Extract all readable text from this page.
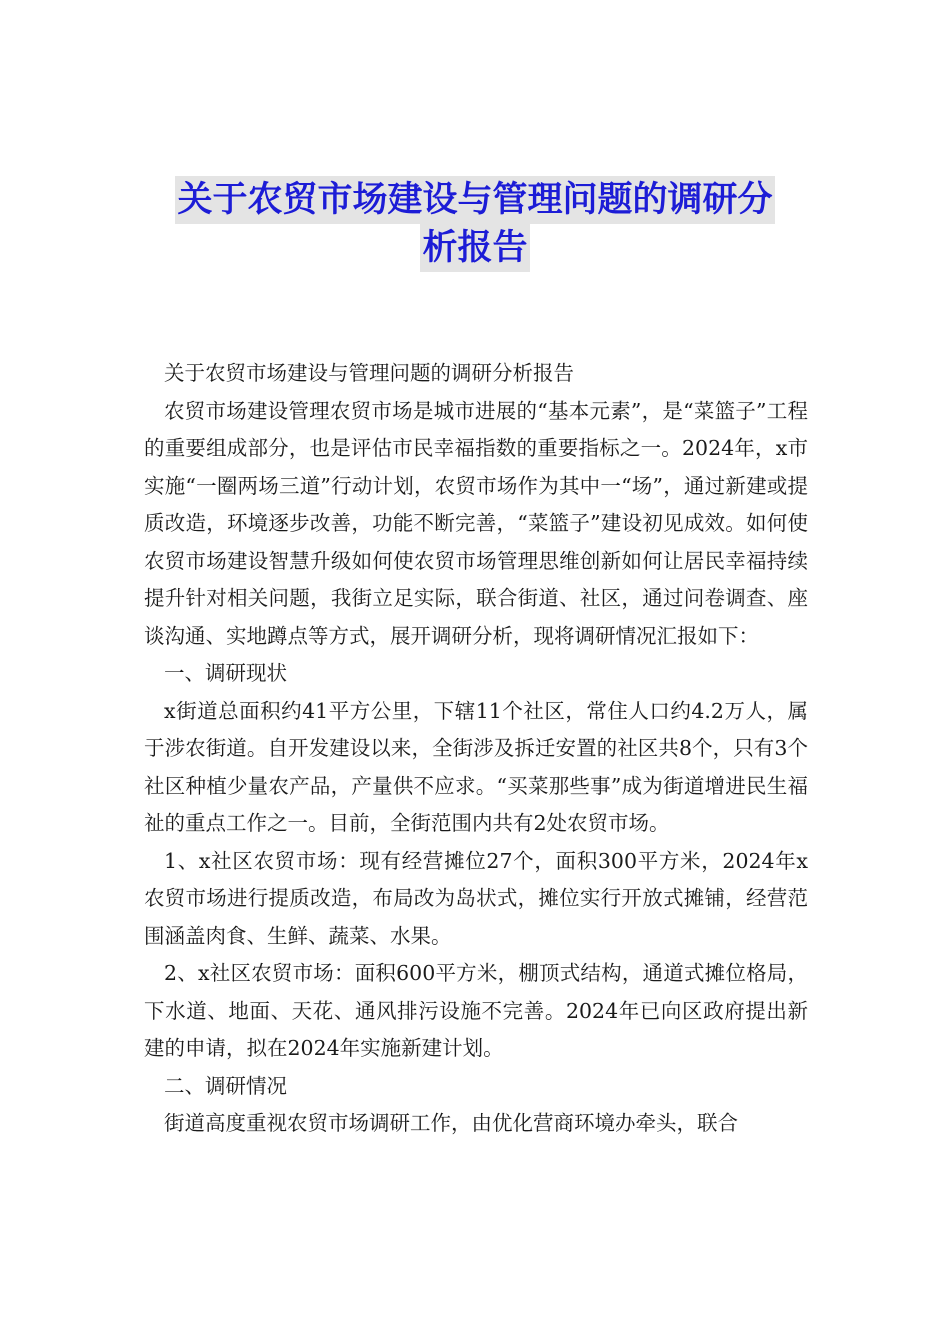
关于农贸市场建设与管理问题的调研分
析报告

关于农贸市场建设与管理问题的调研分析报告

农贸市场建设管理农贸市场是城市进展的“基本元素”，是“菜篮子”工程的重要组成部分，也是评估市民幸福指数的重要指标之一。2024年，x市实施“一圈两场三道”行动计划，农贸市场作为其中一“场”，通过新建或提质改造，环境逐步改善，功能不断完善，“菜篮子”建设初见成效。如何使农贸市场建设智慧升级如何使农贸市场管理思维创新如何让居民幸福持续提升针对相关问题，我街立足实际，联合街道、社区，通过问卷调查、座谈沟通、实地蹲点等方式，展开调研分析，现将调研情况汇报如下：

一、调研现状

x街道总面积约41平方公里，下辖11个社区，常住人口约4.2万人，属于涉农街道。自开发建设以来，全街涉及拆迁安置的社区共8个，只有3个社区种植少量农产品，产量供不应求。“买菜那些事”成为街道增进民生福祉的重点工作之一。目前，全街范围内共有2处农贸市场。

1、x社区农贸市场：现有经营摊位27个，面积300平方米，2024年x农贸市场进行提质改造，布局改为岛状式，摊位实行开放式摊铺，经营范围涵盖肉食、生鲜、蔬菜、水果。

2、x社区农贸市场：面积600平方米，棚顶式结构，通道式摊位格局，下水道、地面、天花、通风排污设施不完善。2024年已向区政府提出新建的申请，拟在2024年实施新建计划。

二、调研情况

街道高度重视农贸市场调研工作，由优化营商环境办牵头，联合
